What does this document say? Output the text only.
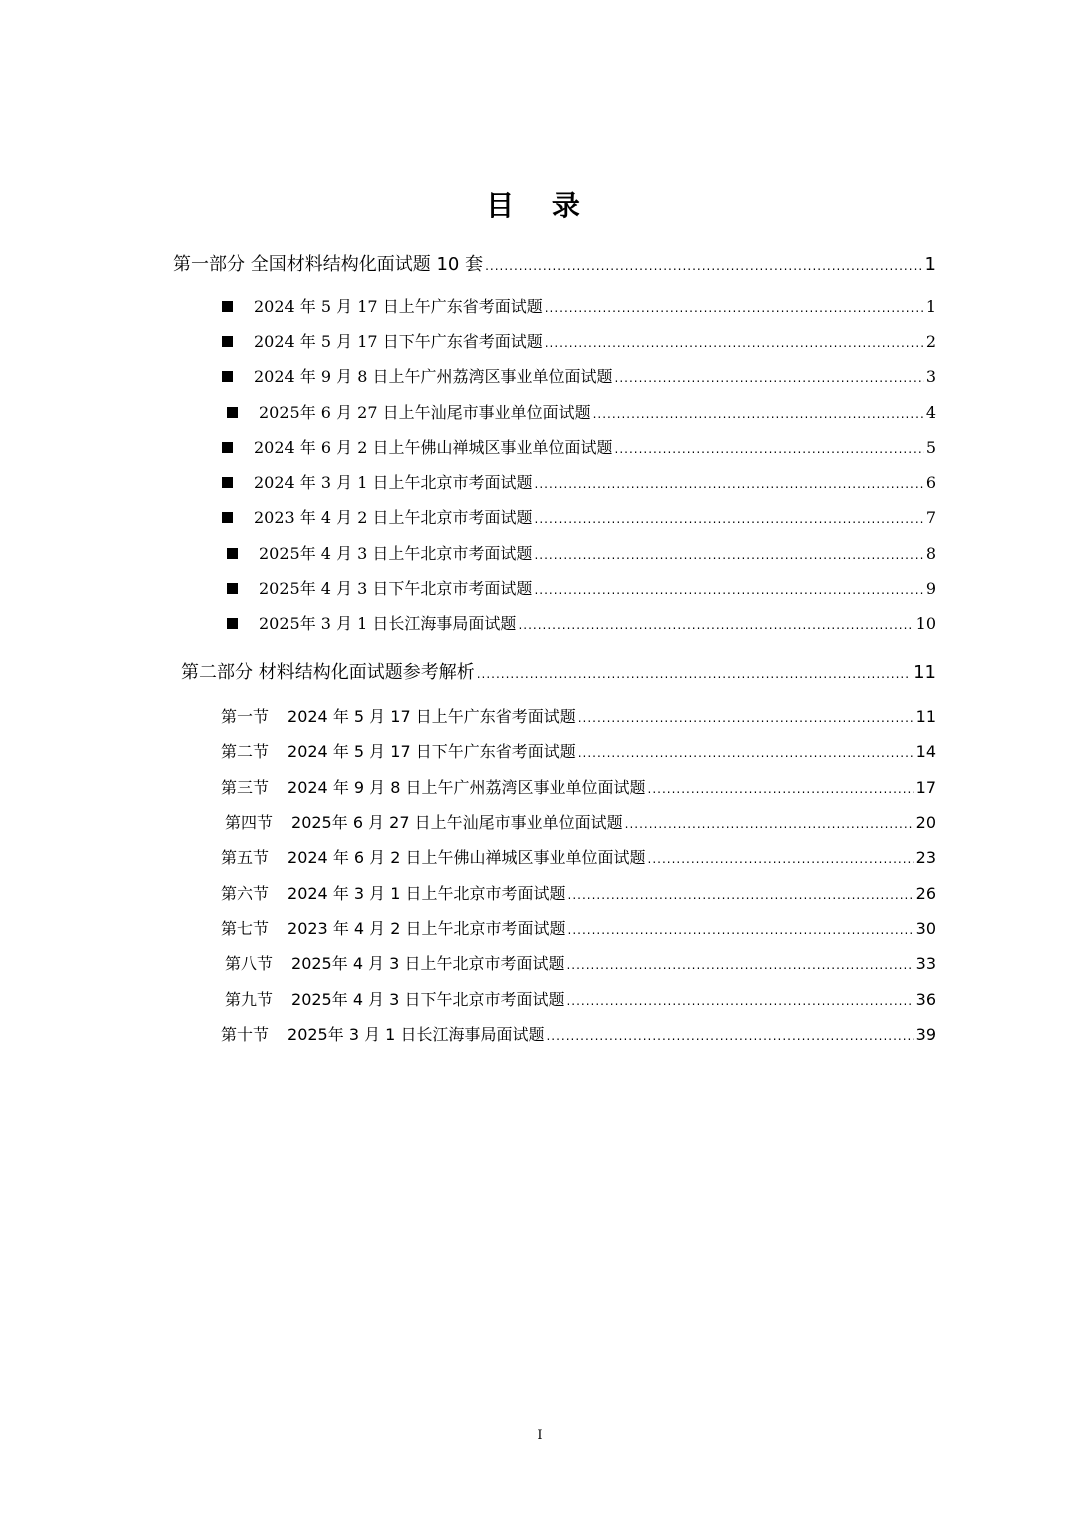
目 录
第一部分 全国材料结构化面试题 10 套 .....	1
2024 年 5 月 17 日上午广东省考面试题 .....	1
2024 年 5 月 17 日下午广东省考面试题 .....	2
2024 年 9 月 8 日上午广州荔湾区事业单位面试题 .....	3
2025年 6 月 27 日上午汕尾市事业单位面试题 .....	4
2024 年 6 月 2 日上午佛山禅城区事业单位面试题 .....	5
2024 年 3 月 1 日上午北京市考面试题 .....	6
2023 年 4 月 2 日上午北京市考面试题 .....	7
2025年 4 月 3 日上午北京市考面试题 .....	8
2025年 4 月 3 日下午北京市考面试题 .....	9
2025年 3 月 1 日长江海事局面试题 .....	10
第二部分 材料结构化面试题参考解析 .....	11
第一节 2024 年 5 月 17 日上午广东省考面试题 .....	11
第二节 2024 年 5 月 17 日下午广东省考面试题 .....	14
第三节 2024 年 9 月 8 日上午广州荔湾区事业单位面试题 .....	17
第四节 2025年 6 月 27 日上午汕尾市事业单位面试题 .....	20
第五节 2024 年 6 月 2 日上午佛山禅城区事业单位面试题 .....	23
第六节 2024 年 3 月 1 日上午北京市考面试题 .....	26
第七节 2023 年 4 月 2 日上午北京市考面试题 .....	30
第八节 2025年 4 月 3 日上午北京市考面试题 .....	33
第九节 2025年 4 月 3 日下午北京市考面试题 .....	36
第十节 2025年 3 月 1 日长江海事局面试题 .....	39
I
